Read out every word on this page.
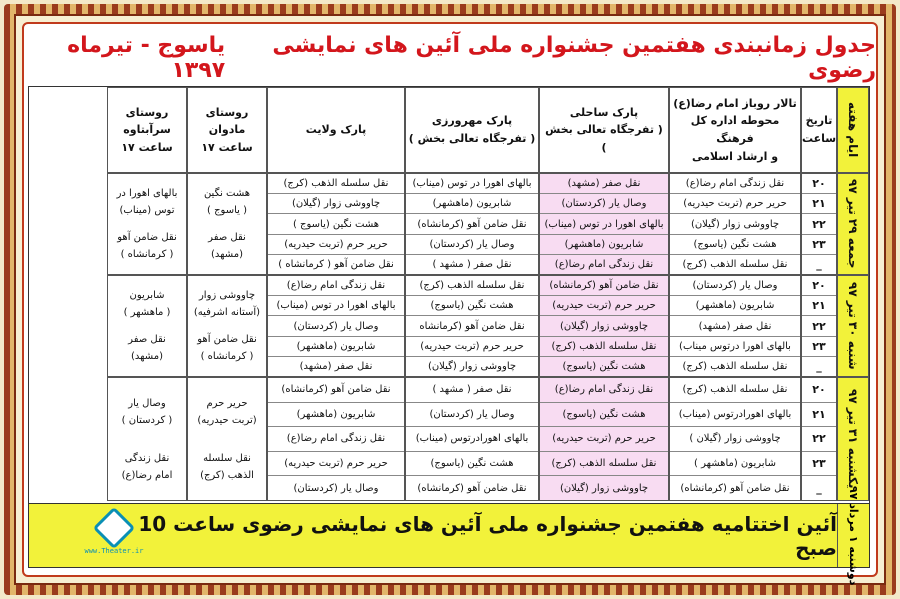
جدول زمانبندی هفتمین جشنواره ملی آئین های نمایشی رضوی
یاسوج - تیرماه ۱۳۹۷
ایام هفته
تاریخ
ساعت
تالار روباز امام رضا(ع)
محوطه اداره کل فرهنگ
و ارشاد اسلامی
پارک ساحلی
( تفرجگاه تعالی بخش )
پارک مهرورزی
( تفرجگاه تعالی بخش )
پارک ولایت
روستای
مادوان
ساعت ۱۷
روستای
سرآبتاوه
ساعت ۱۷
جمعه ۲۹ تیر ۹۷
۲۰
۲۱
۲۲
۲۳
_
نقل زندگی امام رضا(ع)
حریر حرم (تربت حیدریه)
چاووشی زوار (گیلان)
هشت نگین (یاسوج)
نقل سلسله الذهب (کرج)
نقل صفر (مشهد)
وصال یار (کردستان)
بالهای اهورا در توس (میناب)
شابریون (ماهشهر)
نقل زندگی امام رضا(ع)
بالهای اهورا در توس (میناب)
شابریون (ماهشهر)
نقل ضامن آهو (کرمانشاه)
وصال یار (کردستان)
نقل صفر ( مشهد )
نقل سلسله الذهب (کرج)
چاووشی زوار (گیلان)
هشت نگین (یاسوج )
حریر حرم (تربت حیدریه)
نقل ضامن آهو ( کرمانشاه )
هشت نگین
( یاسوج )
نقل صفر
(مشهد)
بالهای اهورا در
توس (میناب)
نقل ضامن آهو
( کرمانشاه )
شنبه ۳۰ تیر ۹۷
۲۰
۲۱
۲۲
۲۳
_
وصال یار (کردستان)
شابریون (ماهشهر)
نقل صفر (مشهد)
بالهای اهورا درتوس میناب)
نقل سلسله الذهب (کرج)
نقل ضامن آهو (کرمانشاه)
حریر حرم (تربت حیدریه)
چاووشی زوار (گیلان)
نقل سلسله الذهب (کرج)
هشت نگین (یاسوج)
نقل سلسله الذهب (کرج)
هشت نگین (یاسوج)
نقل ضامن آهو (کرمانشاه
حریر حرم (تربت حیدریه)
چاووشی زوار (گیلان)
نقل زندگی امام رضا(ع)
بالهای اهورا در توس (میناب)
وصال یار (کردستان)
شابریون (ماهشهر)
نقل صفر (مشهد)
چاووشی زوار
(آستانه اشرفیه)
نقل ضامن آهو
( کرمانشاه )
شابریون
( ماهشهر )
نقل صفر
(مشهد)
یکشنبه ۳۱ تیر ۹۷
۲۰
۲۱
۲۲
۲۳
_
نقل سلسله الذهب (کرج)
بالهای اهورادرتوس (میناب)
چاووشی زوار (گیلان )
شابریون (ماهشهر )
نقل ضامن آهو (کرمانشاه)
نقل زندگی امام رضا(ع)
هشت نگین (یاسوج)
حریر حرم (تربت حیدریه)
نقل سلسله الذهب (کرج)
چاووشی زوار (گیلان)
نقل صفر ( مشهد )
وصال یار (کردستان)
بالهای اهورادرتوس (میناب)
هشت نگین (یاسوج)
نقل ضامن آهو (کرمانشاه)
نقل ضامن آهو (کرمانشاه)
شابریون (ماهشهر)
نقل زندگی امام رضا(ع)
حریر حرم (تربت حیدریه)
وصال یار (کردستان)
حریر حرم
(تربت حیدریه)
نقل سلسله
الذهب (کرج)
وصال یار
( کردستان )
نقل زندگی
امام رضا(ع)
دوشنبه ۱ مرداد ۹۷
آئین اختتامیه هفتمین جشنواره ملی آئین های نمایشی رضوی ساعت 10 صبح
www.Theater.ir
